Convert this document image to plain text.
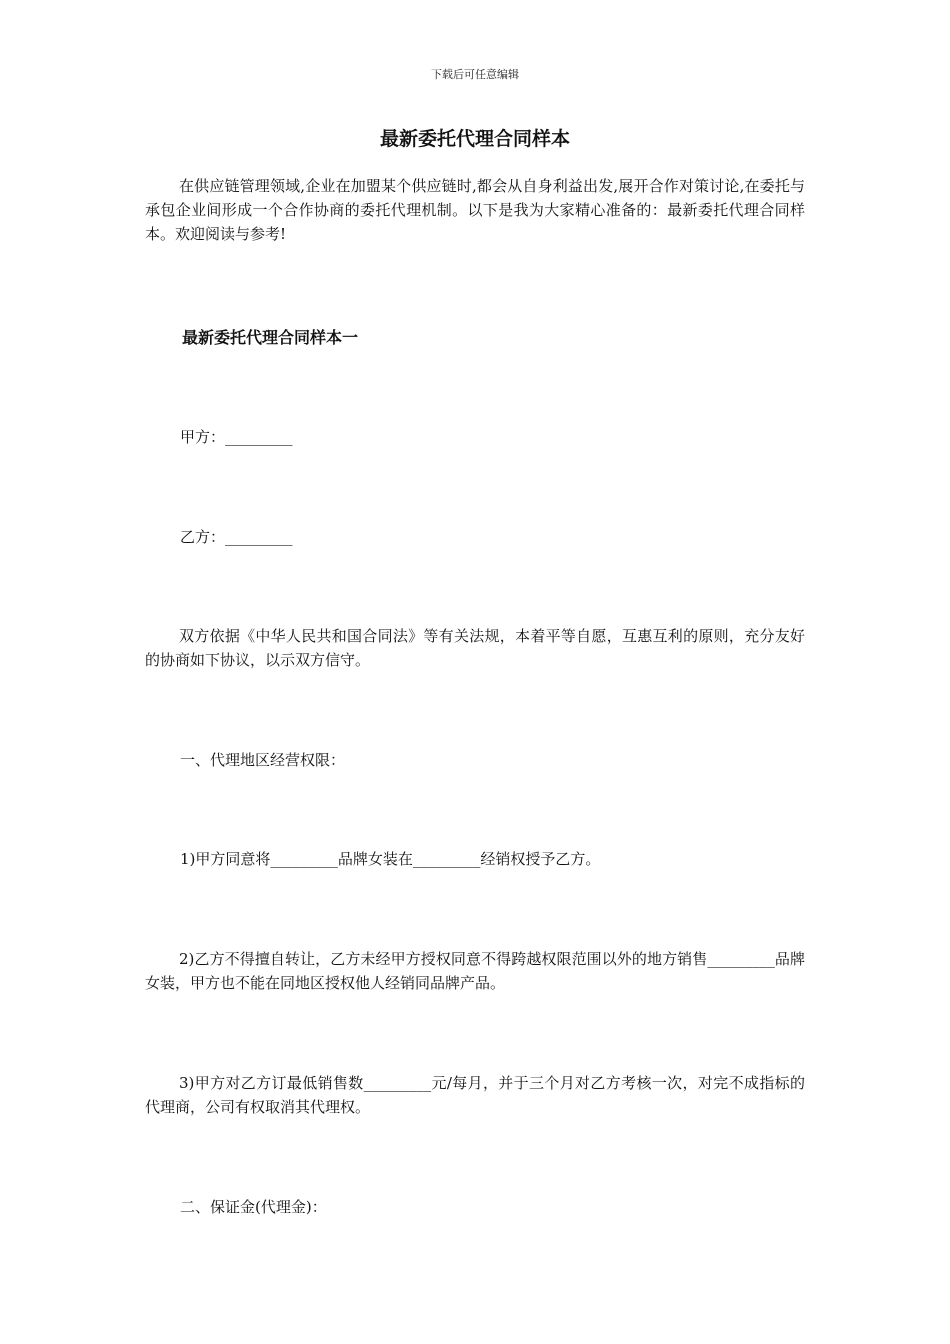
下载后可任意编辑
最新委托代理合同样本

在供应链管理领域,企业在加盟某个供应链时,都会从自身利益出发,展开合作对策讨论,在委托与承包企业间形成一个合作协商的委托代理机制。以下是我为大家精心准备的：最新委托代理合同样本。欢迎阅读与参考!

最新委托代理合同样本一
甲方：_________
乙方：_________

双方依据《中华人民共和国合同法》等有关法规，本着平等自愿，互惠互利的原则，充分友好的协商如下协议，以示双方信守。

一、代理地区经营权限：
1)甲方同意将_________品牌女装在_________经销权授予乙方。

2)乙方不得擅自转让，乙方未经甲方授权同意不得跨越权限范围以外的地方销售_________品牌女装，甲方也不能在同地区授权他人经销同品牌产品。

3)甲方对乙方订最低销售数_________元/每月，并于三个月对乙方考核一次，对完不成指标的代理商，公司有权取消其代理权。

二、保证金(代理金)：
